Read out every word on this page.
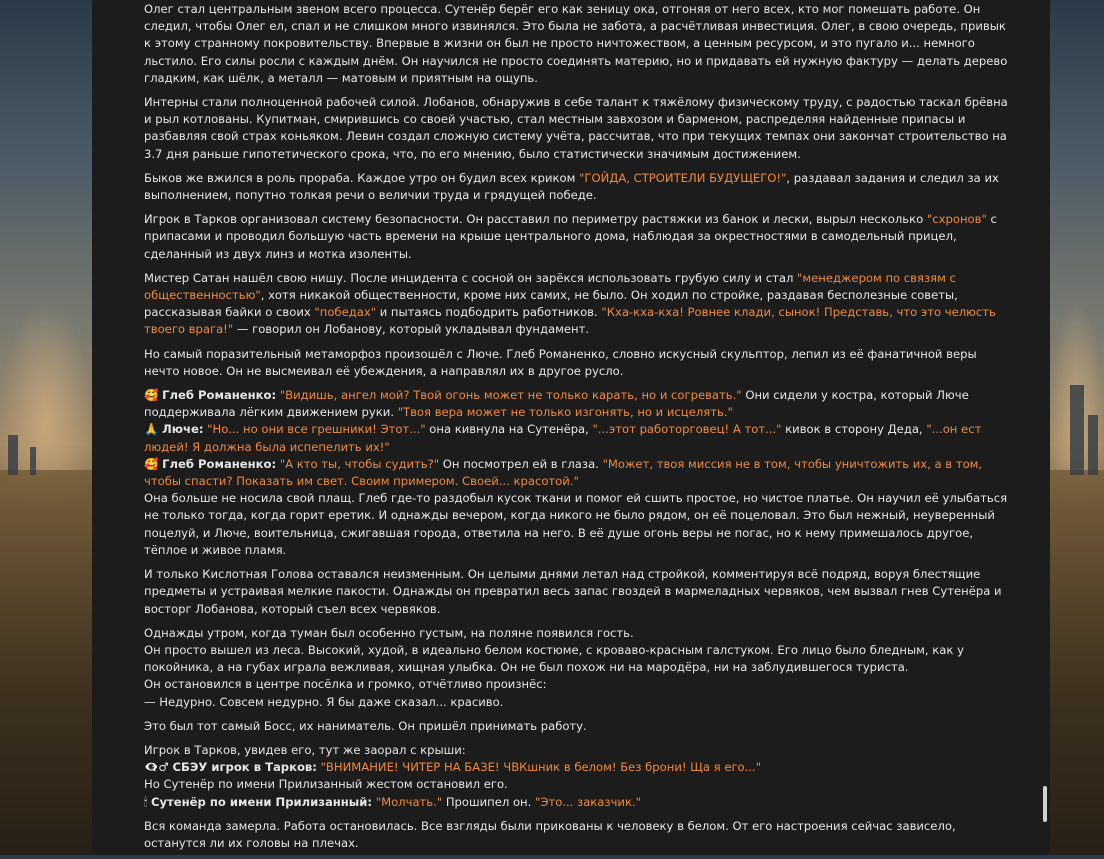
Олег стал центральным звеном всего процесса. Сутенёр берёг его как зеницу ока, отгоняя от него всех, кто мог помешать работе. Он следил, чтобы Олег ел, спал и не слишком много извинялся. Это была не забота, а расчётливая инвестиция. Олег, в свою очередь, привык к этому странному покровительству. Впервые в жизни он был не просто ничтожеством, а ценным ресурсом, и это пугало и... немного льстило. Его силы росли с каждым днём. Он научился не просто соединять материю, но и придавать ей нужную фактуру — делать дерево гладким, как шёлк, а металл — матовым и приятным на ощупь.

Интерны стали полноценной рабочей силой. Лобанов, обнаружив в себе талант к тяжёлому физическому труду, с радостью таскал брёвна и рыл котлованы. Купитман, смирившись со своей участью, стал местным завхозом и барменом, распределяя найденные припасы и разбавляя свой страх коньяком. Левин создал сложную систему учёта, рассчитав, что при текущих темпах они закончат строительство на 3.7 дня раньше гипотетического срока, что, по его мнению, было статистически значимым достижением.

Быков же вжился в роль прораба. Каждое утро он будил всех криком "ГОЙДА, СТРОИТЕЛИ БУДУЩЕГО!", раздавал задания и следил за их выполнением, попутно толкая речи о величии труда и грядущей победе.

Игрок в Тарков организовал систему безопасности. Он расставил по периметру растяжки из банок и лески, вырыл несколько "схронов" с припасами и проводил большую часть времени на крыше центрального дома, наблюдая за окрестностями в самодельный прицел, сделанный из двух линз и мотка изоленты.

Мистер Сатан нашёл свою нишу. После инцидента с сосной он зарёкся использовать грубую силу и стал "менеджером по связям с общественностью", хотя никакой общественности, кроме них самих, не было. Он ходил по стройке, раздавая бесполезные советы, рассказывая байки о своих "победах" и пытаясь подбодрить работников. "Кха-кха-кха! Ровнее клади, сынок! Представь, что это челюсть твоего врага!" — говорил он Лобанову, который укладывал фундамент.

Но самый поразительный метаморфоз произошёл с Люче. Глеб Романенко, словно искусный скульптор, лепил из её фанатичной веры нечто новое. Он не высмеивал её убеждения, а направлял их в другое русло.

🥰 Глеб Романенко: "Видишь, ангел мой? Твой огонь может не только карать, но и согревать." Они сидели у костра, который Люче поддерживала лёгким движением руки. "Твоя вера может не только изгонять, но и исцелять."
🙏 Люче: "Но... но они все грешники! Этот..." она кивнула на Сутенёра, "...этот работорговец! А тот..." кивок в сторону Деда, "...он ест людей! Я должна была испепелить их!"
🥰 Глеб Романенко: "А кто ты, чтобы судить?" Он посмотрел ей в глаза. "Может, твоя миссия не в том, чтобы уничтожить их, а в том, чтобы спасти? Показать им свет. Своим примером. Своей... красотой."
Она больше не носила свой плащ. Глеб где-то раздобыл кусок ткани и помог ей сшить простое, но чистое платье. Он научил её улыбаться не только тогда, когда горит еретик. И однажды вечером, когда никого не было рядом, он её поцеловал. Это был нежный, неуверенный поцелуй, и Люче, воительница, сжигавшая города, ответила на него. В её душе огонь веры не погас, но к нему примешалось другое, тёплое и живое пламя.

И только Кислотная Голова оставался неизменным. Он целыми днями летал над стройкой, комментируя всё подряд, воруя блестящие предметы и устраивая мелкие пакости. Однажды он превратил весь запас гвоздей в мармеладных червяков, чем вызвал гнев Сутенёра и восторг Лобанова, который съел всех червяков.

Однажды утром, когда туман был особенно густым, на поляне появился гость.
Он просто вышел из леса. Высокий, худой, в идеально белом костюме, с кроваво-красным галстуком. Его лицо было бледным, как у покойника, а на губах играла вежливая, хищная улыбка. Он не был похож ни на мародёра, ни на заблудившегося туриста.
Он остановился в центре посёлка и громко, отчётливо произнёс:
— Недурно. Совсем недурно. Я бы даже сказал... красиво.

Это был тот самый Босс, их наниматель. Он пришёл принимать работу.

Игрок в Тарков, увидев его, тут же заорал с крыши:
👁‍🗨♂ СБЭУ игрок в Тарков: "ВНИМАНИЕ! ЧИТЕР НА БАЗЕ! ЧВКшник в белом! Без брони! Ща я его..."
Но Сутенёр по имени Прилизанный жестом остановил его.
🕯 Сутенёр по имени Прилизанный: "Молчать." Прошипел он. "Это... заказчик."

Вся команда замерла. Работа остановилась. Все взгляды были прикованы к человеку в белом. От его настроения сейчас зависело, останутся ли их головы на плечах.
